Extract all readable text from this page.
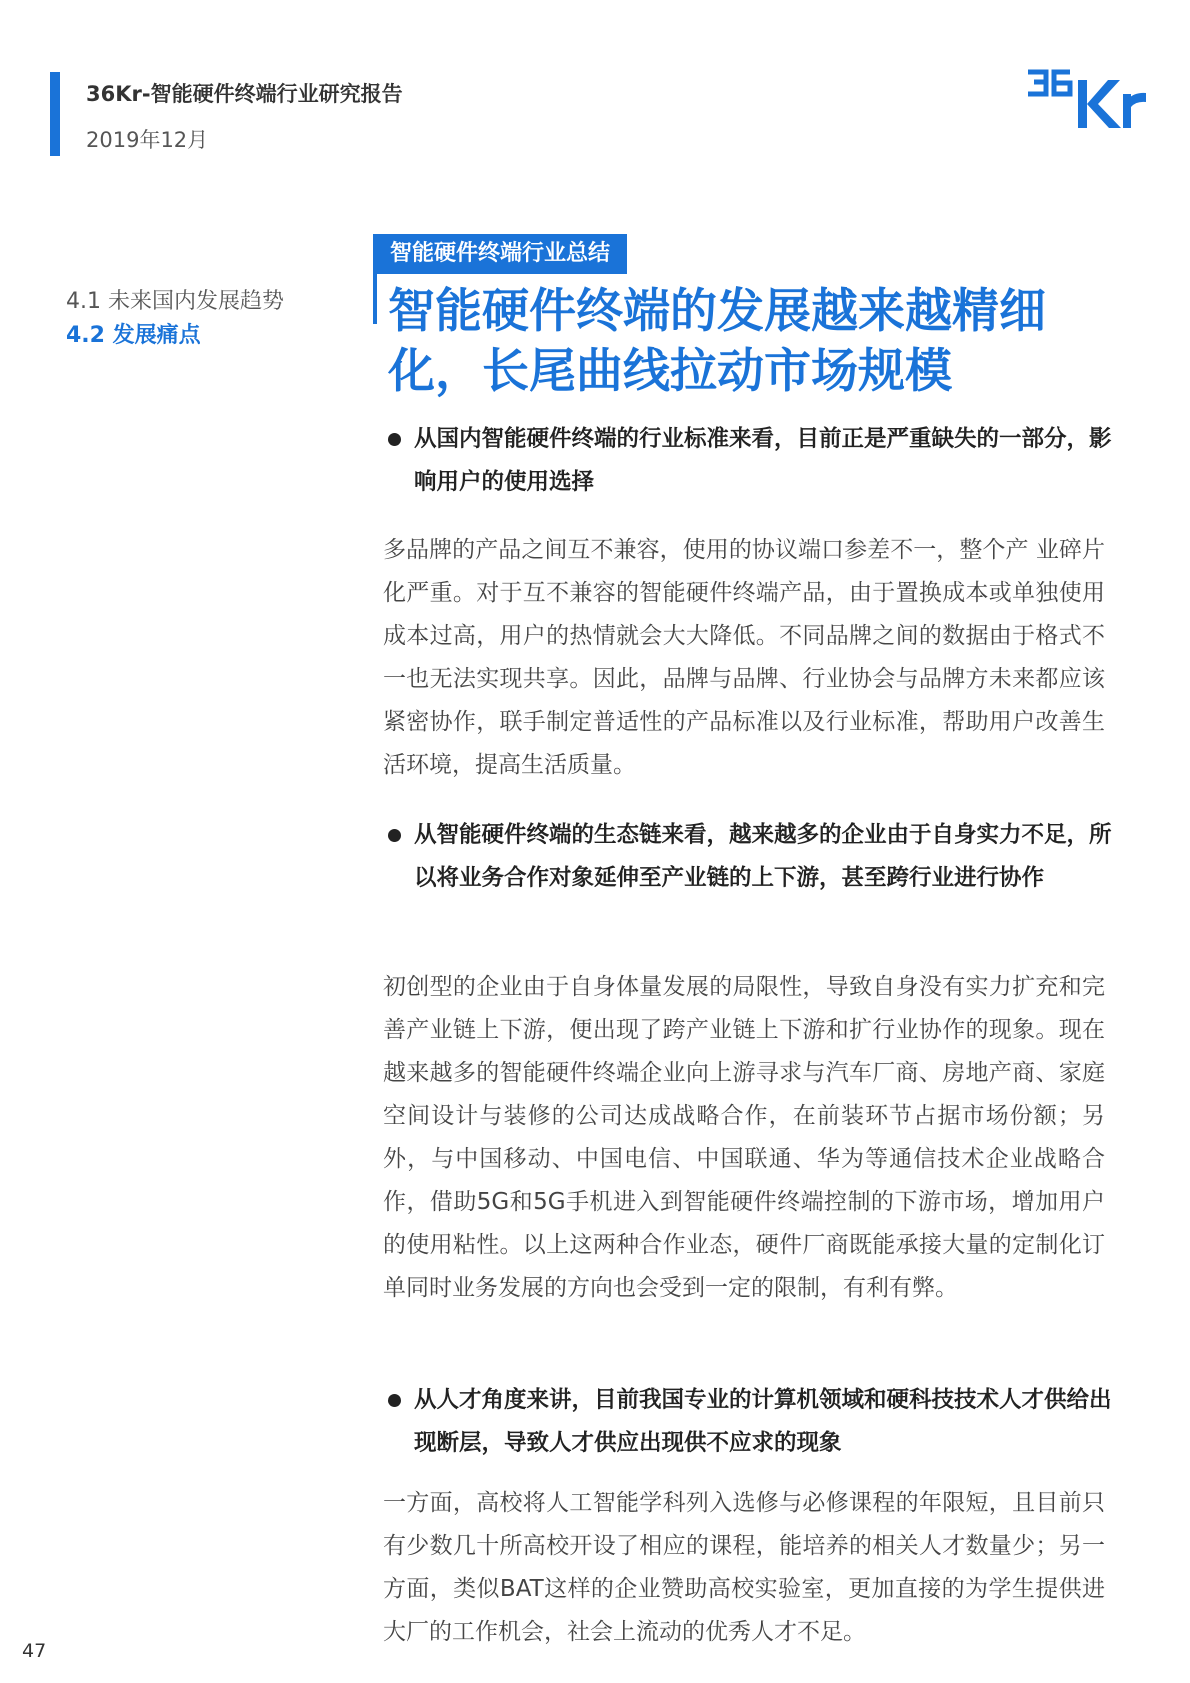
36Kr-智能硬件终端行业研究报告
2019年12月
4.1 未来国内发展趋势
4.2 发展痛点
智能硬件终端行业总结
智能硬件终端的发展越来越精细化，长尾曲线拉动市场规模

从国内智能硬件终端的行业标准来看，目前正是严重缺失的一部分，影响用户的使用选择

多品牌的产品之间互不兼容，使用的协议端口参差不一，整个产 业碎片化严重。对于互不兼容的智能硬件终端产品，由于置换成本或单独使用成本过高，用户的热情就会大大降低。不同品牌之间的数据由于格式不一也无法实现共享。因此，品牌与品牌、行业协会与品牌方未来都应该紧密协作，联手制定普适性的产品标准以及行业标准，帮助用户改善生活环境，提高生活质量。

从智能硬件终端的生态链来看，越来越多的企业由于自身实力不足，所以将业务合作对象延伸至产业链的上下游，甚至跨行业进行协作

初创型的企业由于自身体量发展的局限性，导致自身没有实力扩充和完善产业链上下游，便出现了跨产业链上下游和扩行业协作的现象。现在越来越多的智能硬件终端企业向上游寻求与汽车厂商、房地产商、家庭空间设计与装修的公司达成战略合作，在前装环节占据市场份额；另外，与中国移动、中国电信、中国联通、华为等通信技术企业战略合作，借助5G和5G手机进入到智能硬件终端控制的下游市场，增加用户的使用粘性。以上这两种合作业态，硬件厂商既能承接大量的定制化订单同时业务发展的方向也会受到一定的限制，有利有弊。

从人才角度来讲，目前我国专业的计算机领域和硬科技技术人才供给出现断层，导致人才供应出现供不应求的现象

一方面，高校将人工智能学科列入选修与必修课程的年限短，且目前只有少数几十所高校开设了相应的课程，能培养的相关人才数量少；另一方面，类似BAT这样的企业赞助高校实验室，更加直接的为学生提供进大厂的工作机会，社会上流动的优秀人才不足。

47
